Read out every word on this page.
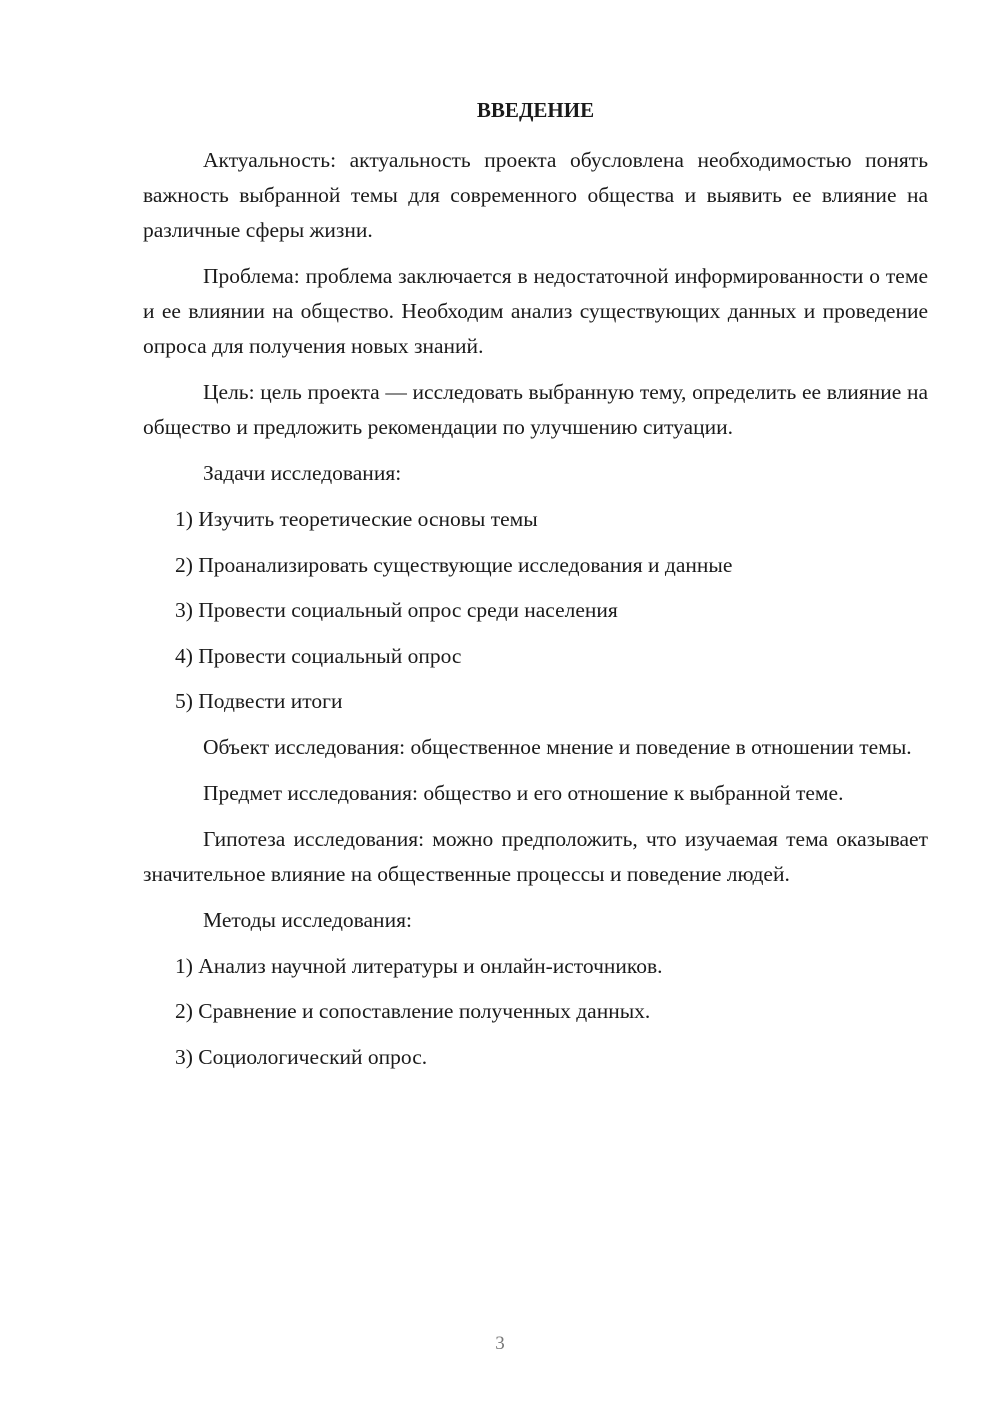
ВВЕДЕНИЕ

Актуальность: актуальность проекта обусловлена необходимостью понять важность выбранной темы для современного общества и выявить ее влияние на различные сферы жизни.

Проблема: проблема заключается в недостаточной информированности о теме и ее влиянии на общество. Необходим анализ существующих данных и проведение опроса для получения новых знаний.

Цель: цель проекта — исследовать выбранную тему, определить ее влияние на общество и предложить рекомендации по улучшению ситуации.

Задачи исследования:

1) Изучить теоретические основы темы

2) Проанализировать существующие исследования и данные

3) Провести социальный опрос среди населения

4) Провести социальный опрос

5) Подвести итоги

Объект исследования: общественное мнение и поведение в отношении темы.

Предмет исследования: общество и его отношение к выбранной теме.

Гипотеза исследования: можно предположить, что изучаемая тема оказывает значительное влияние на общественные процессы и поведение людей.

Методы исследования:

1) Анализ научной литературы и онлайн-источников.

2) Сравнение и сопоставление полученных данных.

3) Социологический опрос.

3
